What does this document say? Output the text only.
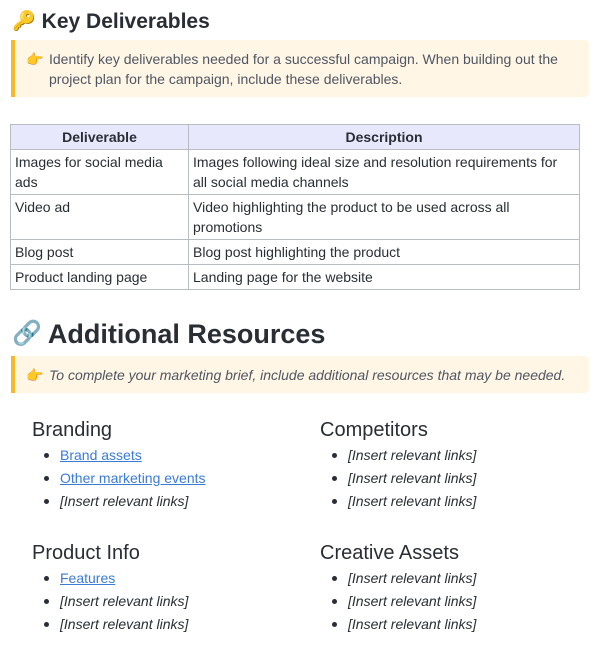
🔑 Key Deliverables
👉 Identify key deliverables needed for a successful campaign. When building out the project plan for the campaign, include these deliverables.
Deliverable	Description
Images for social media ads	Images following ideal size and resolution requirements for all social media channels
Video ad	Video highlighting the product to be used across all promotions
Blog post	Blog post highlighting the product
Product landing page	Landing page for the website
🔗 Additional Resources
👉 To complete your marketing brief, include additional resources that may be needed.
Branding
Brand assets
Other marketing events
[Insert relevant links]
Competitors
[Insert relevant links]
[Insert relevant links]
[Insert relevant links]
Product Info
Features
[Insert relevant links]
[Insert relevant links]
Creative Assets
[Insert relevant links]
[Insert relevant links]
[Insert relevant links]
